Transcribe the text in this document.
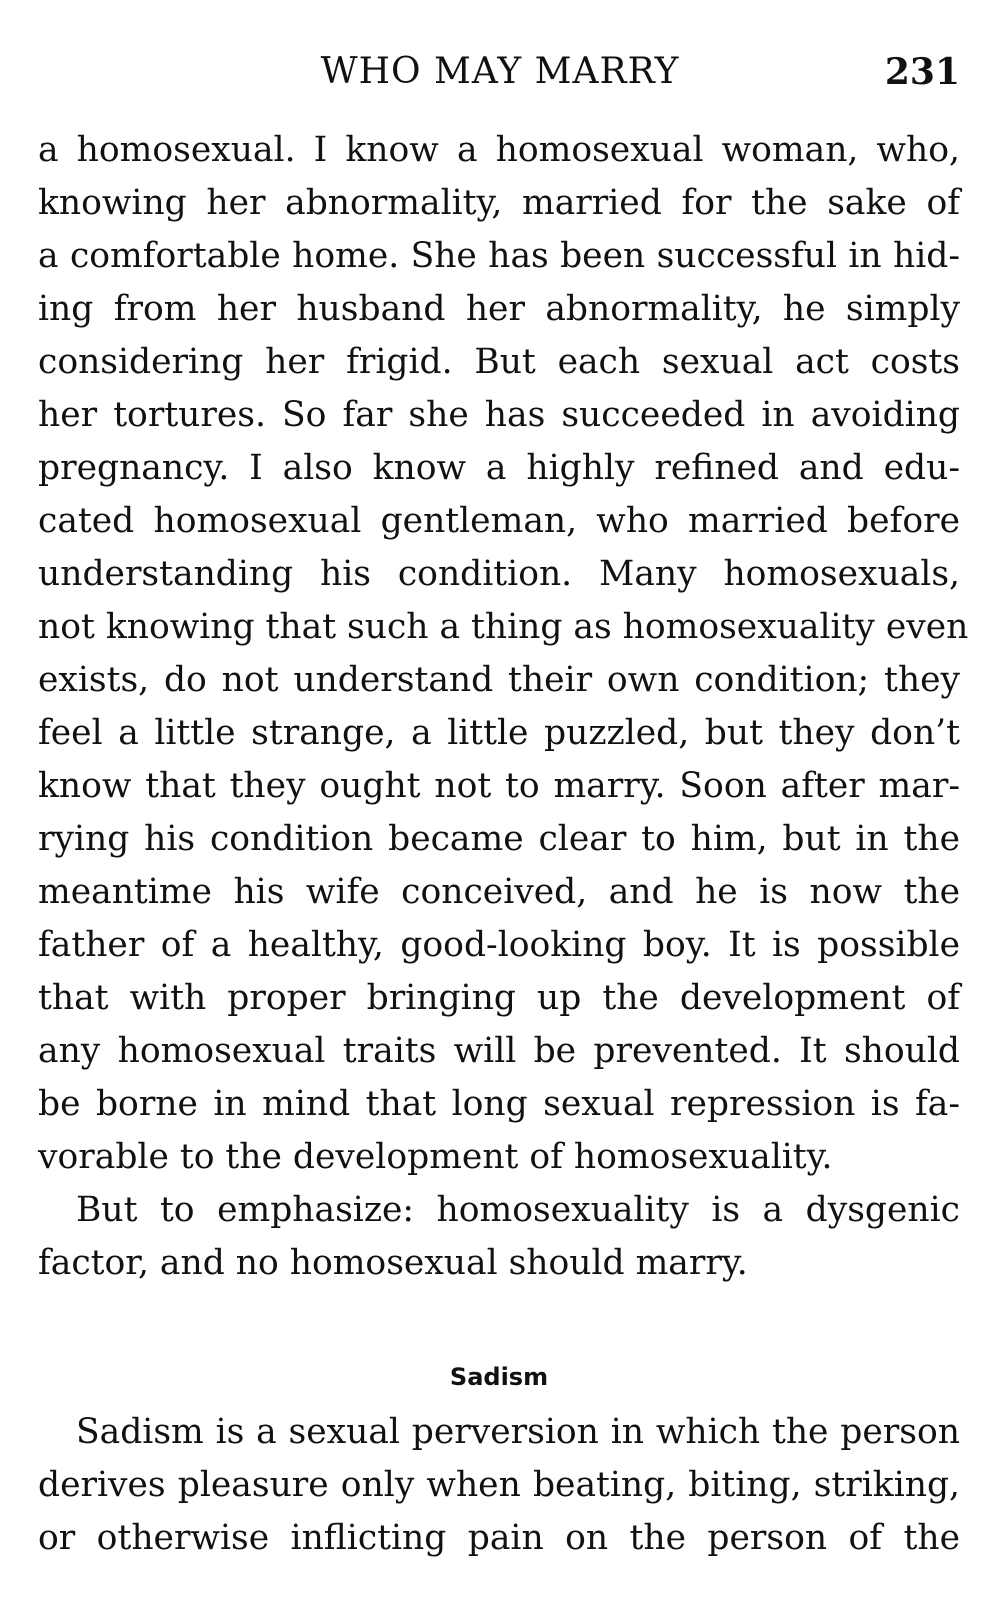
WHO MAY MARRY	231
a homosexual. I know a homosexual woman, who,
knowing her abnormality, married for the sake of
a comfortable home. She has been successful in hid-
ing from her husband her abnormality, he simply
considering her frigid. But each sexual act costs
her tortures. So far she has succeeded in avoiding
pregnancy. I also know a highly refined and edu-
cated homosexual gentleman, who married before
understanding his condition. Many homosexuals,
not knowing that such a thing as homosexuality even
exists, do not understand their own condition; they
feel a little strange, a little puzzled, but they don’t
know that they ought not to marry. Soon after mar-
rying his condition became clear to him, but in the
meantime his wife conceived, and he is now the
father of a healthy, good-looking boy. It is possible
that with proper bringing up the development of
any homosexual traits will be prevented. It should
be borne in mind that long sexual repression is fa-
vorable to the development of homosexuality.
But to emphasize: homosexuality is a dysgenic
factor, and no homosexual should marry.
Sadism
Sadism is a sexual perversion in which the person
derives pleasure only when beating, biting, striking,
or otherwise inflicting pain on the person of the
